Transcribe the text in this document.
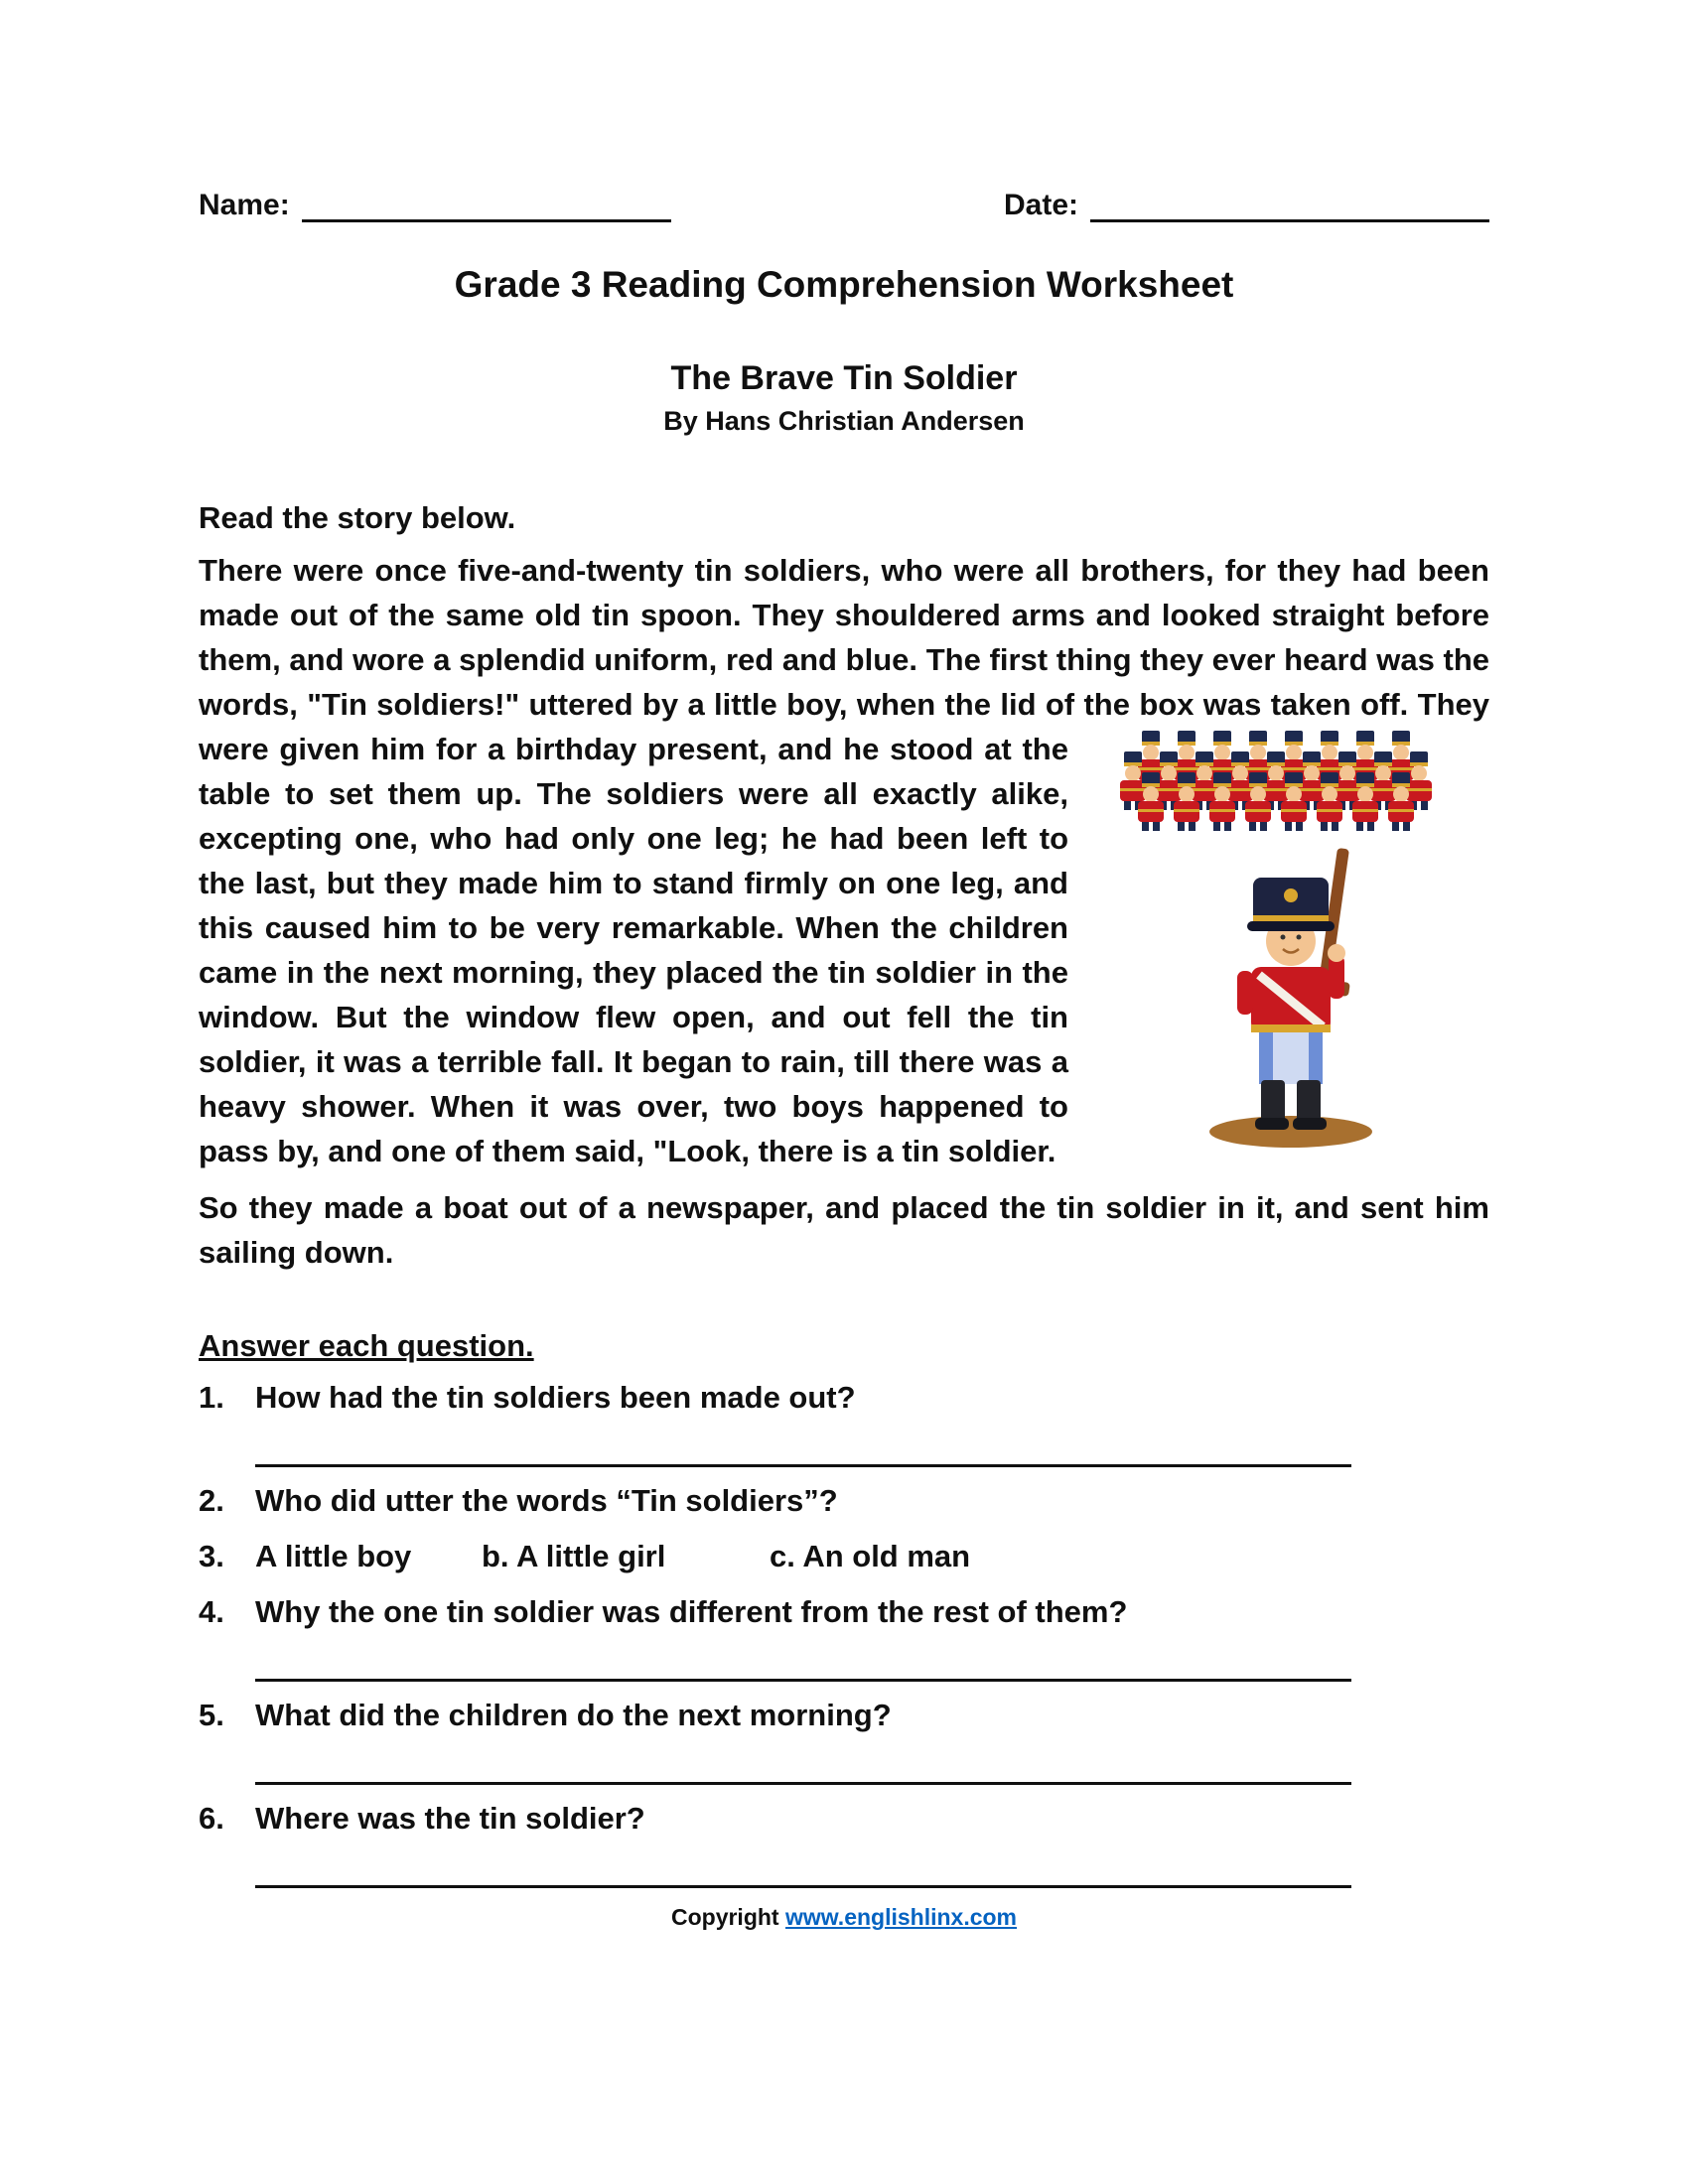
Name:	Date:
Grade 3 Reading Comprehension Worksheet
The Brave Tin Soldier
By Hans Christian Andersen
Read the story below.
There were once five-and-twenty tin soldiers, who were all brothers, for they had been made out of the same old tin spoon. They shouldered arms and looked straight before them, and wore a splendid uniform, red and blue. The first thing they ever heard was the words, "Tin soldiers!" uttered by a little boy, when the lid of the box was taken off. They were given him for a birthday present, and he stood at the table to set them up. The soldiers were all exactly alike, excepting one, who had only one leg; he had been left to the last, but they made him to stand firmly on one leg, and this caused him to be very remarkable. When the children came in the next morning, they placed the tin soldier in the window. But the window flew open, and out fell the tin soldier, it was a terrible fall. It began to rain, till there was a heavy shower. When it was over, two boys happened to pass by, and one of them said, "Look, there is a tin soldier.
So they made a boat out of a newspaper, and placed the tin soldier in it, and sent him sailing down.
Answer each question.
1.	How had the tin soldiers been made out?
2.	Who did utter the words “Tin soldiers”?
3.	A little boy b. A little girl	c. An old man
4.	Why the one tin soldier was different from the rest of them?
5.	What did the children do the next morning?
6.	Where was the tin soldier?
Copyright www.englishlinx.com
